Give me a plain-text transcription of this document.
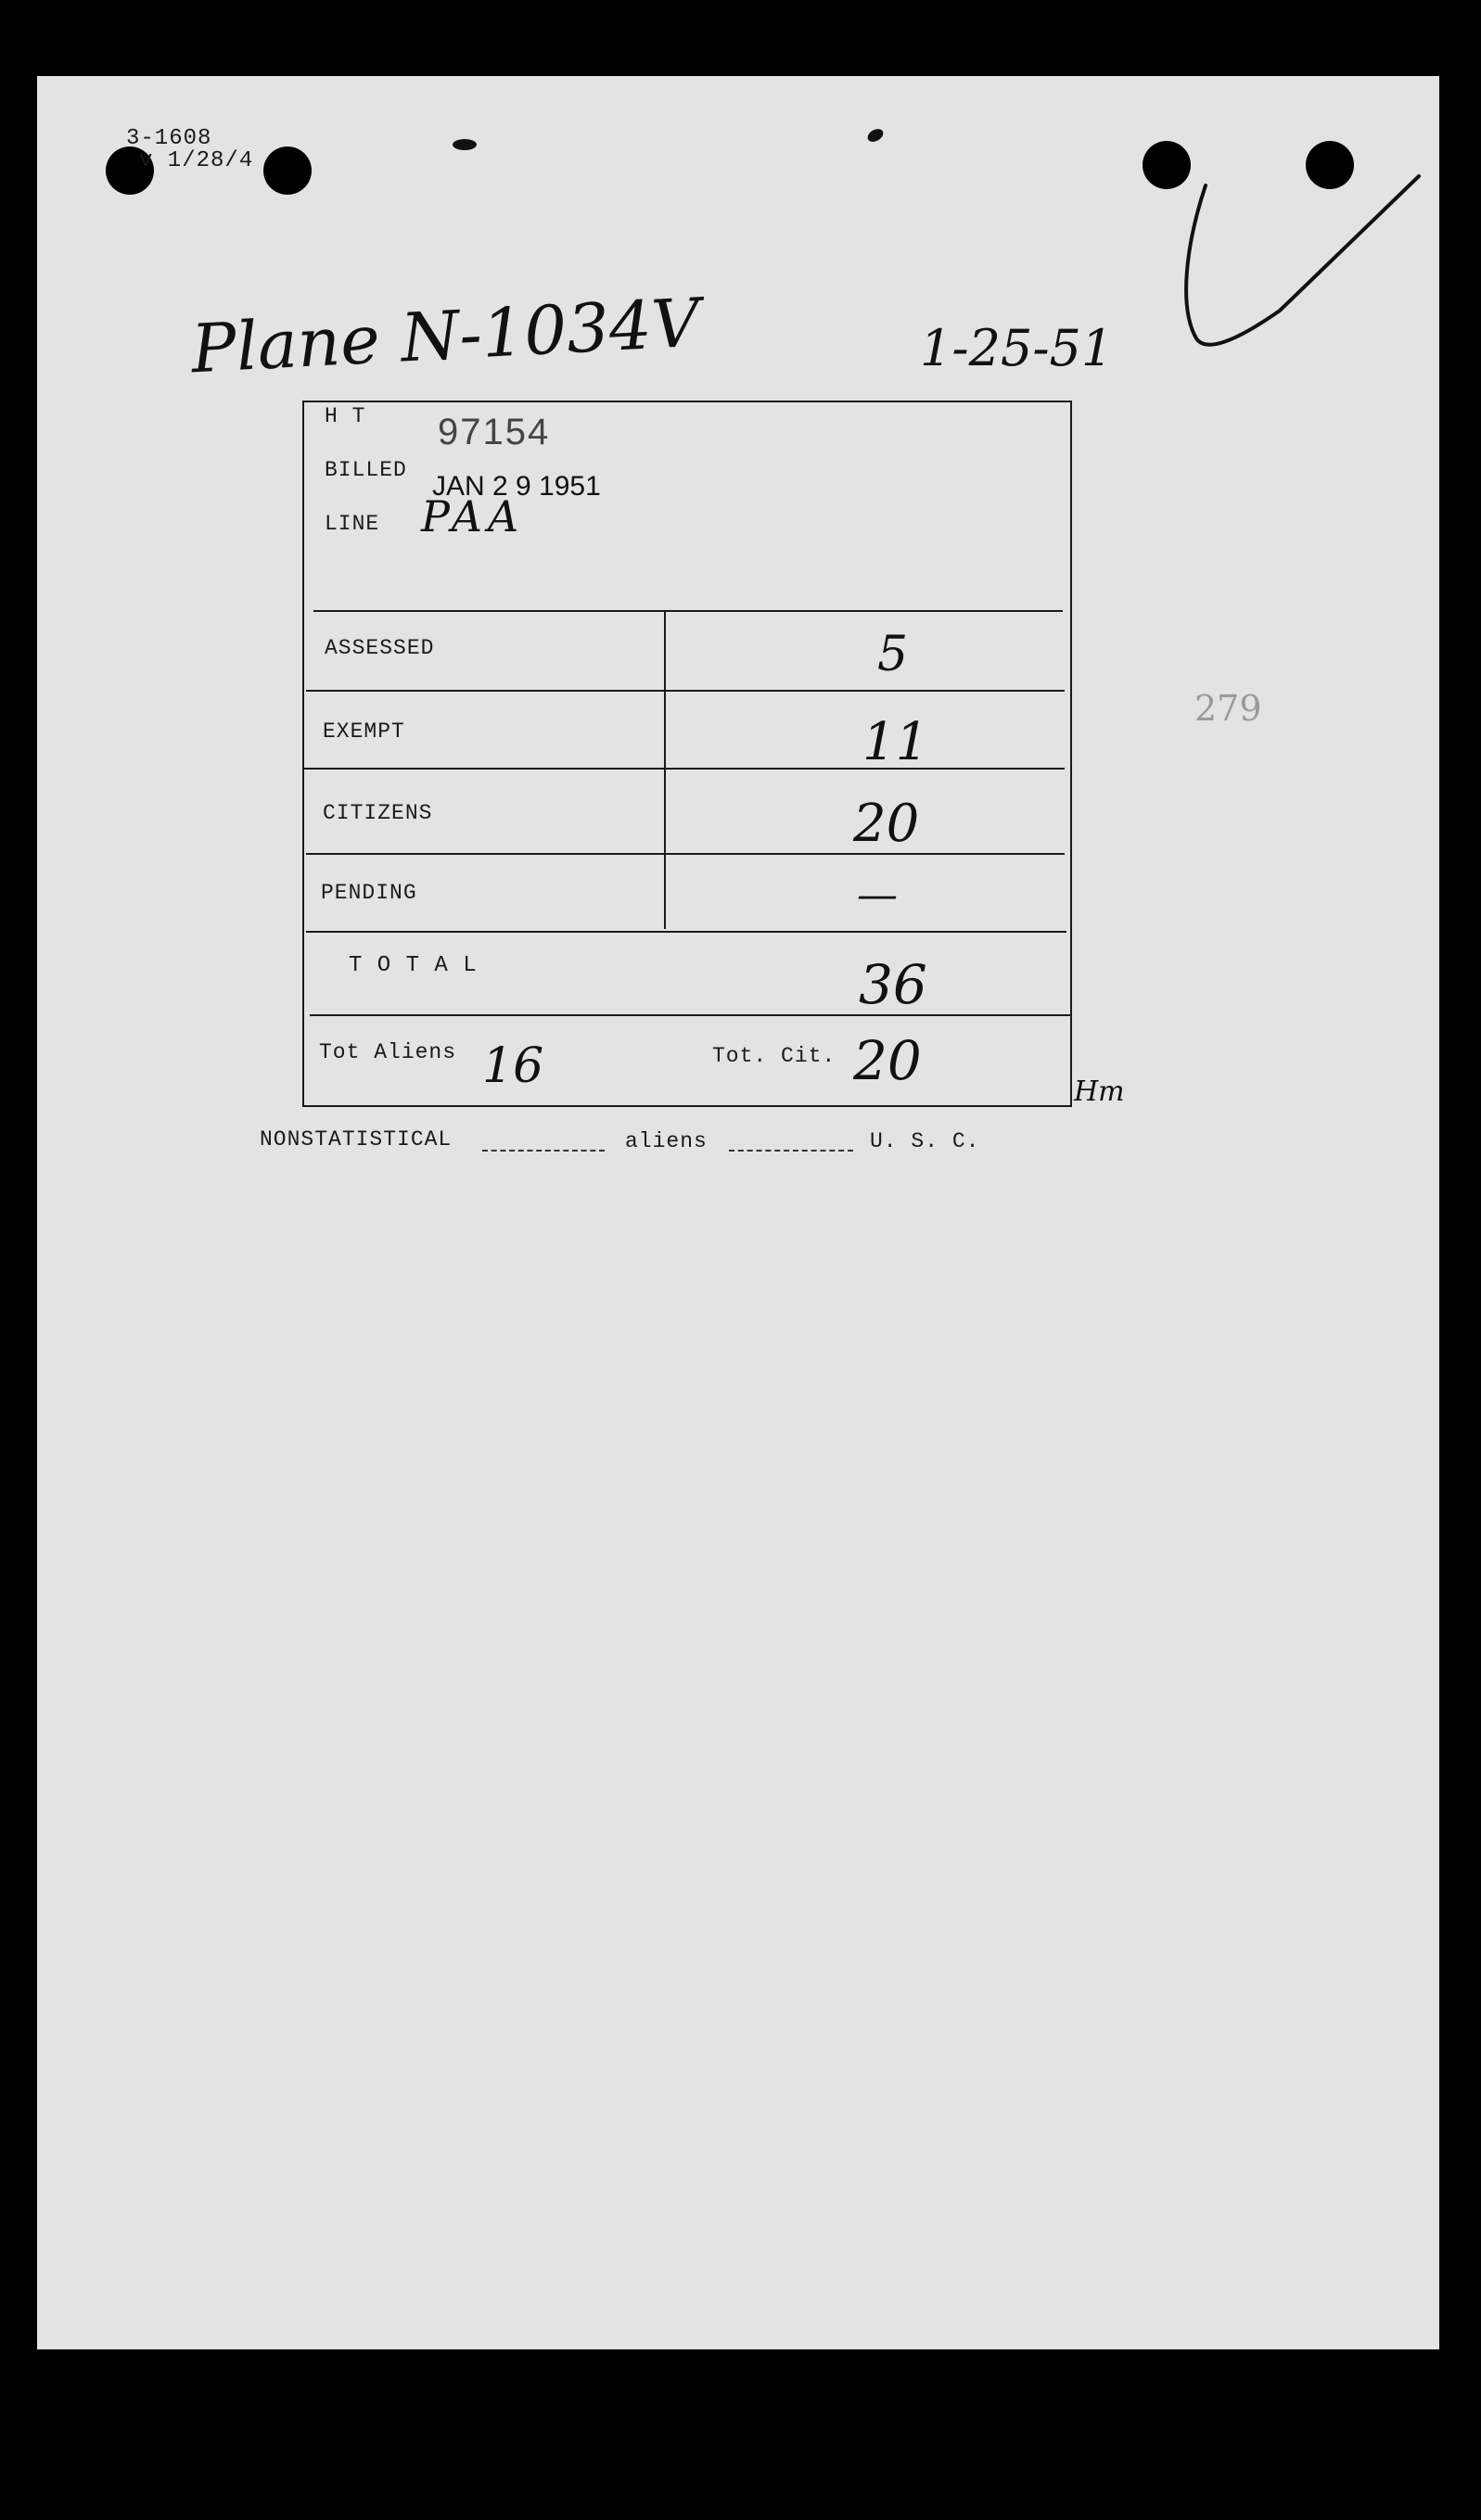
3-1608
v 1/28/4
Plane N-1034V	1-25-51
279
H T 97154
BILLED
JAN 2 9 1951
LINE PAA
ASSESSED	5
EXEMPT	11
CITIZENS	20
PENDING	—
T O T A L	36
Tot Aliens 16	Tot. Cit. 20	Hm
NONSTATISTICAL	aliens	U. S. C.
